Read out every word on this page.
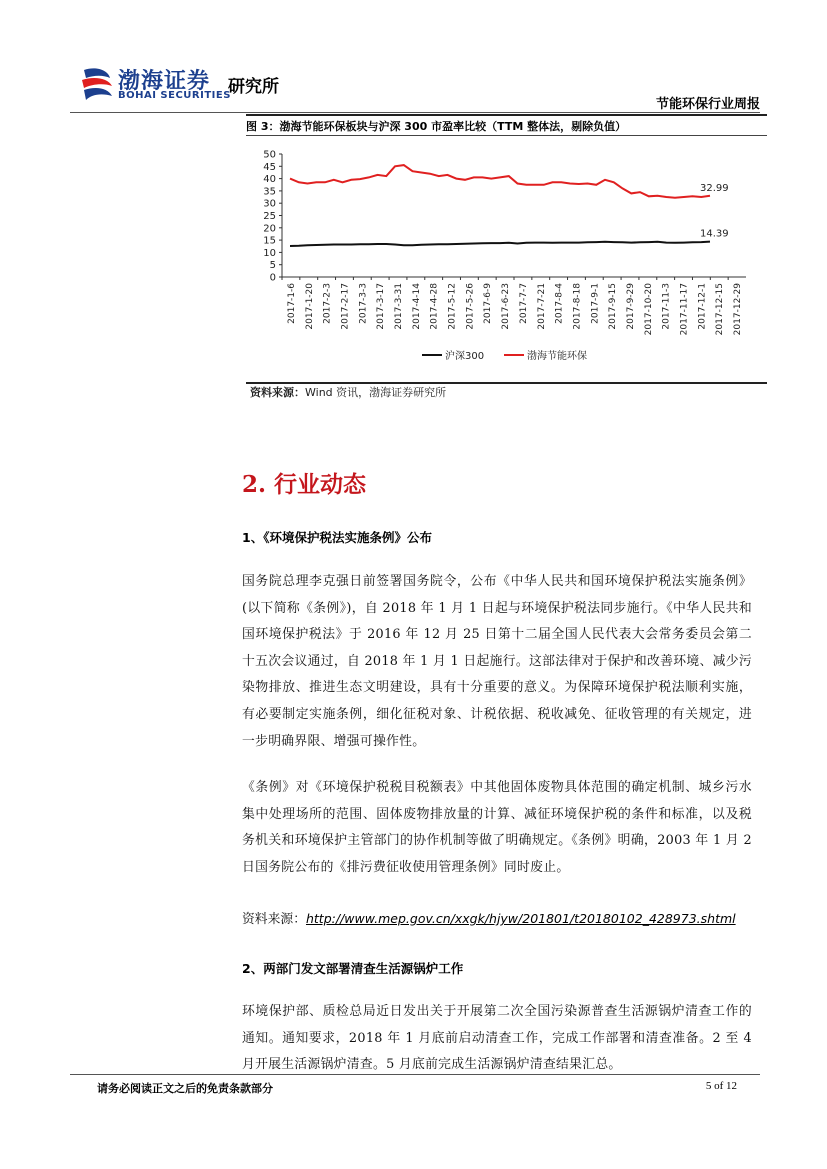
渤海证券
BOHAI SECURITIES
研究所
节能环保行业周报
图 3：渤海节能环保板块与沪深 300 市盈率比较（TTM 整体法，剔除负值）
0
5
10
15
20
25
30
35
40
45
50
2017-1-6 2017-1-20 2017-2-3 2017-2-17 2017-3-3 2017-3-17 2017-3-31 2017-4-14 2017-4-28 2017-5-12 2017-5-26 2017-6-9 2017-6-23 2017-7-7 2017-7-21 2017-8-4 2017-8-18 2017-9-1 2017-9-15 2017-9-29 2017-10-20 2017-11-3 2017-11-17 2017-12-1 2017-12-15 2017-12-29
14.39
32.99
沪深300	渤海节能环保
资料来源：Wind 资讯，渤海证券研究所
2. 行业动态
1、《环境保护税法实施条例》公布
国务院总理李克强日前签署国务院令，公布《中华人民共和国环境保护税法实施条例》(以下简称《条例》)，自 2018 年 1 月 1 日起与环境保护税法同步施行。《中华人民共和国环境保护税法》于 2016 年 12 月 25 日第十二届全国人民代表大会常务委员会第二十五次会议通过，自 2018 年 1 月 1 日起施行。这部法律对于保护和改善环境、减少污染物排放、推进生态文明建设，具有十分重要的意义。为保障环境保护税法顺利实施，有必要制定实施条例，细化征税对象、计税依据、税收减免、征收管理的有关规定，进一步明确界限、增强可操作性。
《条例》对《环境保护税税目税额表》中其他固体废物具体范围的确定机制、城乡污水集中处理场所的范围、固体废物排放量的计算、减征环境保护税的条件和标准，以及税务机关和环境保护主管部门的协作机制等做了明确规定。《条例》明确，2003 年 1 月 2 日国务院公布的《排污费征收使用管理条例》同时废止。
资料来源：http://www.mep.gov.cn/xxgk/hjyw/201801/t20180102_428973.shtml
2、两部门发文部署清查生活源锅炉工作
环境保护部、质检总局近日发出关于开展第二次全国污染源普查生活源锅炉清查工作的通知。通知要求，2018 年 1 月底前启动清查工作，完成工作部署和清查准备。2 至 4 月开展生活源锅炉清查。5 月底前完成生活源锅炉清查结果汇总。
请务必阅读正文之后的免责条款部分	5 of 12
